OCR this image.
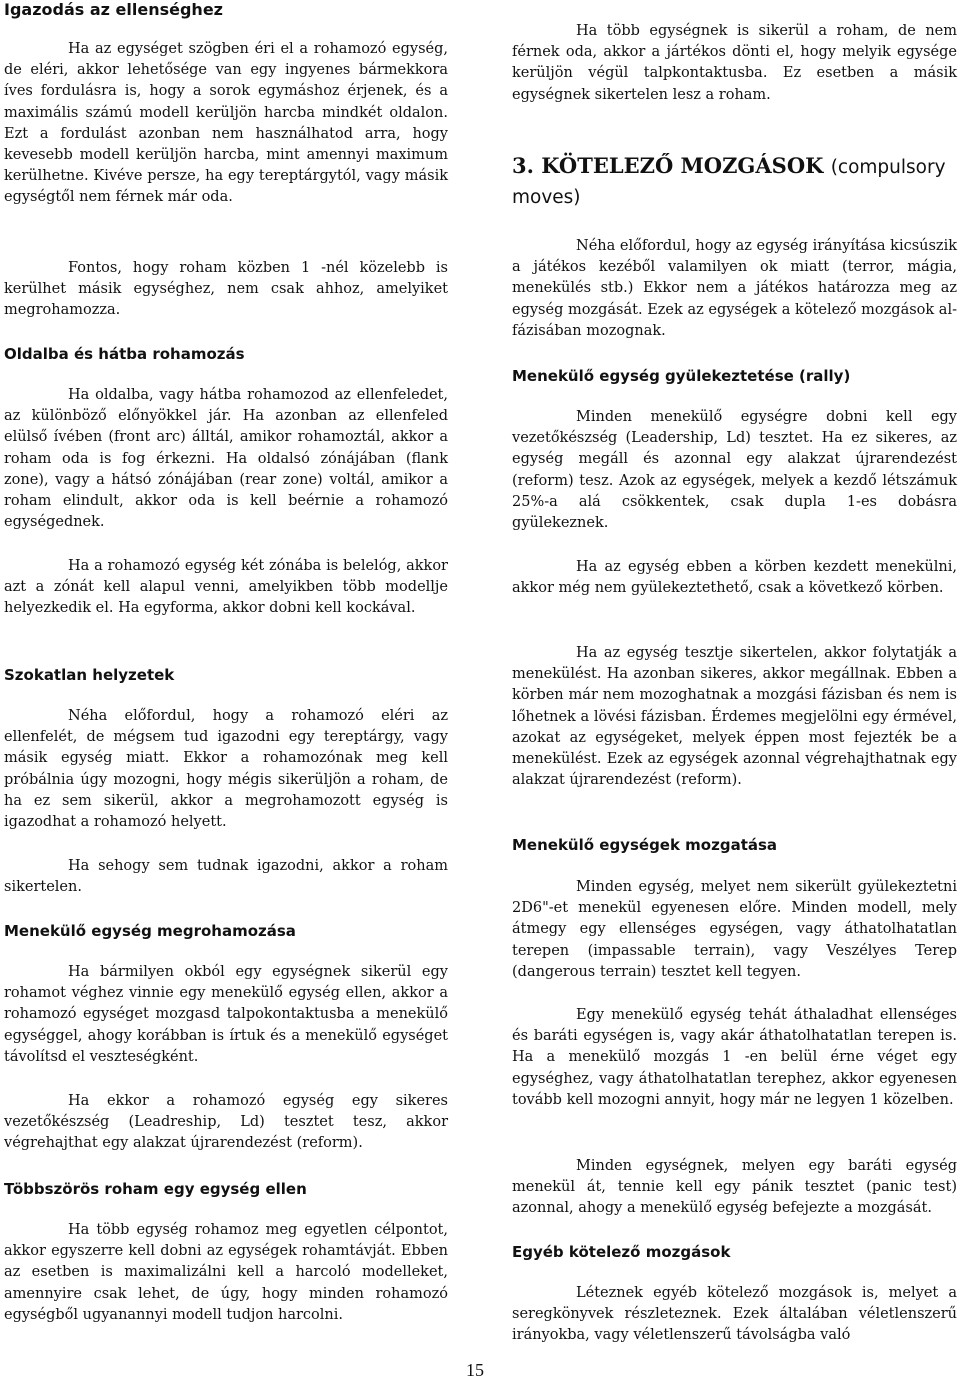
Igazodás az ellenséghez

Ha az egységet szögben éri el a rohamozó egység, de eléri, akkor lehetősége van egy ingyenes bármekkora íves fordulásra is, hogy a sorok egymáshoz érjenek, és a maximális számú modell kerüljön harcba mindkét oldalon. Ezt a fordulást azonban nem használhatod arra, hogy kevesebb modell kerüljön harcba, mint amennyi maximum kerülhetne. Kivéve persze, ha egy tereptárgytól, vagy másik egységtől nem férnek már oda.

Fontos, hogy roham közben 1 -nél közelebb is kerülhet másik egységhez, nem csak ahhoz, amelyiket megrohamozza.

Oldalba és hátba rohamozás

Ha oldalba, vagy hátba rohamozod az ellenfeledet, az különböző előnyökkel jár. Ha azonban az ellenfeled elülső ívében (front arc) álltál, amikor rohamoztál, akkor a roham oda is fog érkezni. Ha oldalsó zónájában (flank zone), vagy a hátsó zónájában (rear zone) voltál, amikor a roham elindult, akkor oda is kell beérnie a rohamozó egységednek.

Ha a rohamozó egység két zónába is belelóg, akkor azt a zónát kell alapul venni, amelyikben több modellje helyezkedik el. Ha egyforma, akkor dobni kell kockával.

Szokatlan helyzetek

Néha előfordul, hogy a rohamozó eléri az ellenfelét, de mégsem tud igazodni egy tereptárgy, vagy másik egység miatt. Ekkor a rohamozónak meg kell próbálnia úgy mozogni, hogy mégis sikerüljön a roham, de ha ez sem sikerül, akkor a megrohamozott egység is igazodhat a rohamozó helyett.

Ha sehogy sem tudnak igazodni, akkor a roham sikertelen.

Menekülő egység megrohamozása

Ha bármilyen okból egy egységnek sikerül egy rohamot véghez vinnie egy menekülő egység ellen, akkor a rohamozó egységet mozgasd talpokontaktusba a menekülő egységgel, ahogy korábban is írtuk és a menekülő egységet távolítsd el veszteségként.

Ha ekkor a rohamozó egység egy sikeres vezetőkészség (Leadreship, Ld) tesztet tesz, akkor végrehajthat egy alakzat újrarendezést (reform).

Többszörös roham egy egység ellen

Ha több egység rohamoz meg egyetlen célpontot, akkor egyszerre kell dobni az egységek rohamtávját. Ebben az esetben is maximalizálni kell a harcoló modelleket, amennyire csak lehet, de úgy, hogy minden rohamozó egységből ugyanannyi modell tudjon harcolni.

Ha több egységnek is sikerül a roham, de nem férnek oda, akkor a jártékos dönti el, hogy melyik egysége kerüljön végül talpkontaktusba. Ez esetben a másik egységnek sikertelen lesz a roham.

3. KÖTELEZŐ MOZGÁSOK (compulsory moves)

Néha előfordul, hogy az egység irányítása kicsúszik a játékos kezéből valamilyen ok miatt (terror, mágia, menekülés stb.) Ekkor nem a játékos határozza meg az egység mozgását. Ezek az egységek a kötelező mozgások al-fázisában mozognak.

Menekülő egység gyülekeztetése (rally)

Minden menekülő egységre dobni kell egy vezetőkészség (Leadership, Ld) tesztet. Ha ez sikeres, az egység megáll és azonnal egy alakzat újrarendezést (reform) tesz. Azok az egységek, melyek a kezdő létszámuk 25%-a alá csökkentek, csak dupla 1-es dobásra gyülekeznek.

Ha az egység ebben a körben kezdett menekülni, akkor még nem gyülekeztethető, csak a következő körben.

Ha az egység tesztje sikertelen, akkor folytatják a menekülést. Ha azonban sikeres, akkor megállnak. Ebben a körben már nem mozoghatnak a mozgási fázisban és nem is lőhetnek a lövési fázisban. Érdemes megjelölni egy érmével, azokat az egységeket, melyek éppen most fejezték be a menekülést. Ezek az egységek azonnal végrehajthatnak egy alakzat újrarendezést (reform).

Menekülő egységek mozgatása

Minden egység, melyet nem sikerült gyülekeztetni 2D6"-et menekül egyenesen előre. Minden modell, mely átmegy egy ellenséges egységen, vagy áthatolhatatlan terepen (impassable terrain), vagy Veszélyes Terep (dangerous terrain) tesztet kell tegyen.

Egy menekülő egység tehát áthaladhat ellenséges és baráti egységen is, vagy akár áthatolhatatlan terepen is. Ha a menekülő mozgás 1 -en belül érne véget egy egységhez, vagy áthatolhatatlan terephez, akkor egyenesen tovább kell mozogni annyit, hogy már ne legyen 1 közelben.

Minden egységnek, melyen egy baráti egység menekül át, tennie kell egy pánik tesztet (panic test) azonnal, ahogy a menekülő egység befejezte a mozgását.

Egyéb kötelező mozgások

Léteznek egyéb kötelező mozgások is, melyet a seregkönyvek részleteznek. Ezek általában véletlenszerű irányokba, vagy véletlenszerű távolságba való

15
